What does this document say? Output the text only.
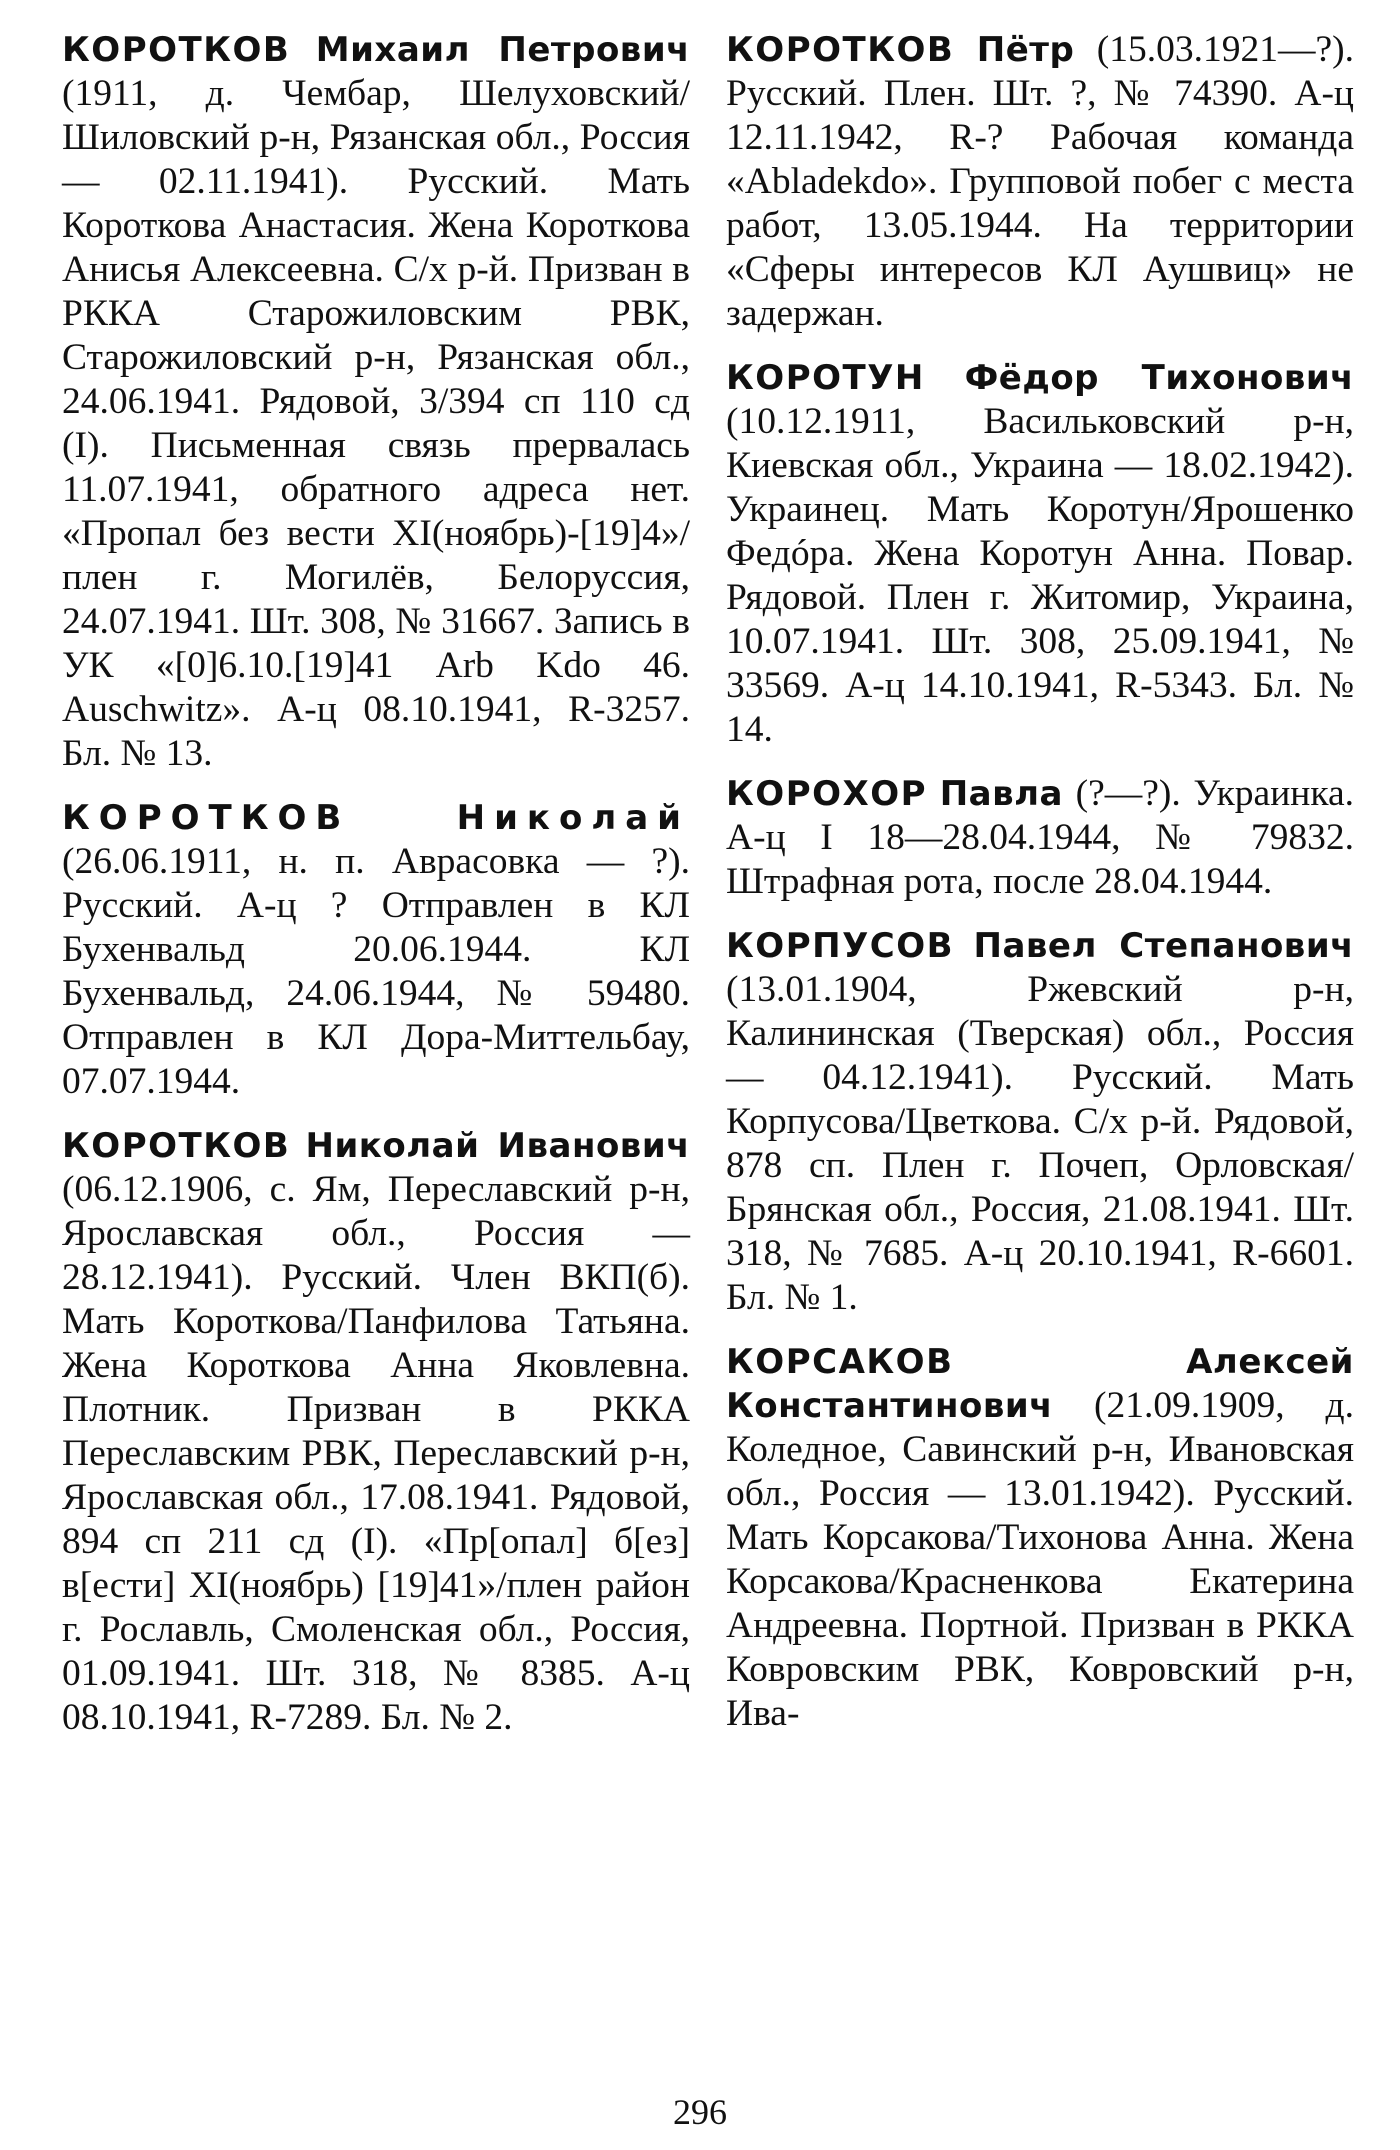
КОРОТКОВ Михаил Петрович (1911, д. Чембар, Шелуховский/Шиловский р-н, Рязанская обл., Россия — 02.11.1941). Русский. Мать Короткова Анастасия. Жена Короткова Анисья Алексеевна. С/х р-й. Призван в РККА Старожиловским РВК, Старожиловский р-н, Рязанская обл., 24.06.1941. Рядовой, 3/394 сп 110 сд (I). Письменная связь прервалась 11.07.1941, обратного адреса нет. «Пропал без вести XI(ноябрь)-[19]4»/плен г. Могилёв, Белоруссия, 24.07.1941. Шт. 308, № 31667. Запись в УК «[0]6.10.[19]41 Arb Kdo 46. Auschwitz». А-ц 08.10.1941, R-3257. Бл. № 13.

КОРОТКОВ	Николай (26.06.1911, н. п. Аврасовка — ?). Русский. А-ц ? Отправлен в КЛ Бухенвальд 20.06.1944. КЛ Бухенвальд, 24.06.1944, № 59480. Отправлен в КЛ Дора-Миттельбау, 07.07.1944.

КОРОТКОВ Николай Иванович (06.12.1906, с. Ям, Переславский р-н, Ярославская обл., Россия — 28.12.1941). Русский. Член ВКП(б). Мать Короткова/Панфилова Татьяна. Жена Короткова Анна Яковлевна. Плотник. Призван в РККА Переславским РВК, Переславский р-н, Ярославская обл., 17.08.1941. Рядовой, 894 сп 211 сд (I). «Пр[опал] б[ез] в[ести] XI(ноябрь) [19]41»/плен район г. Рославль, Смоленская обл., Россия, 01.09.1941. Шт. 318, № 8385. А-ц 08.10.1941, R-7289. Бл. № 2.

КОРОТКОВ Пётр (15.03.1921—?). Русский. Плен. Шт. ?, № 74390. А-ц 12.11.1942, R-? Рабочая команда «Abladekdo». Групповой побег с места работ, 13.05.1944. На территории «Сферы интересов КЛ Аушвиц» не задержан.

КОРОТУН Фёдор Тихонович (10.12.1911, Васильковский р-н, Киевская обл., Украина — 18.02.1942). Украинец. Мать Коротун/Ярошенко Федóра. Жена Коротун Анна. Повар. Рядовой. Плен г. Житомир, Украина, 10.07.1941. Шт. 308, 25.09.1941, № 33569. А-ц 14.10.1941, R-5343. Бл. № 14.

КОРОХОР Павла (?—?). Украинка. А-ц I 18—28.04.1944, № 79832. Штрафная рота, после 28.04.1944.

КОРПУСОВ Павел Степанович (13.01.1904, Ржевский р-н, Калининская (Тверская) обл., Россия — 04.12.1941). Русский. Мать Корпусова/Цветкова. С/х р-й. Рядовой, 878 сп. Плен г. Почеп, Орловская/Брянская обл., Россия, 21.08.1941. Шт. 318, № 7685. А-ц 20.10.1941, R-6601. Бл. № 1.

КОРСАКОВ	Алексей Константинович (21.09.1909, д. Коледное, Савинский р-н, Ивановская обл., Россия — 13.01.1942). Русский. Мать Корсакова/Тихонова Анна. Жена Корсакова/Красненкова Екатерина Андреевна. Портной. Призван в РККА Ковровским РВК, Ковровский р-н, Ива-

296
